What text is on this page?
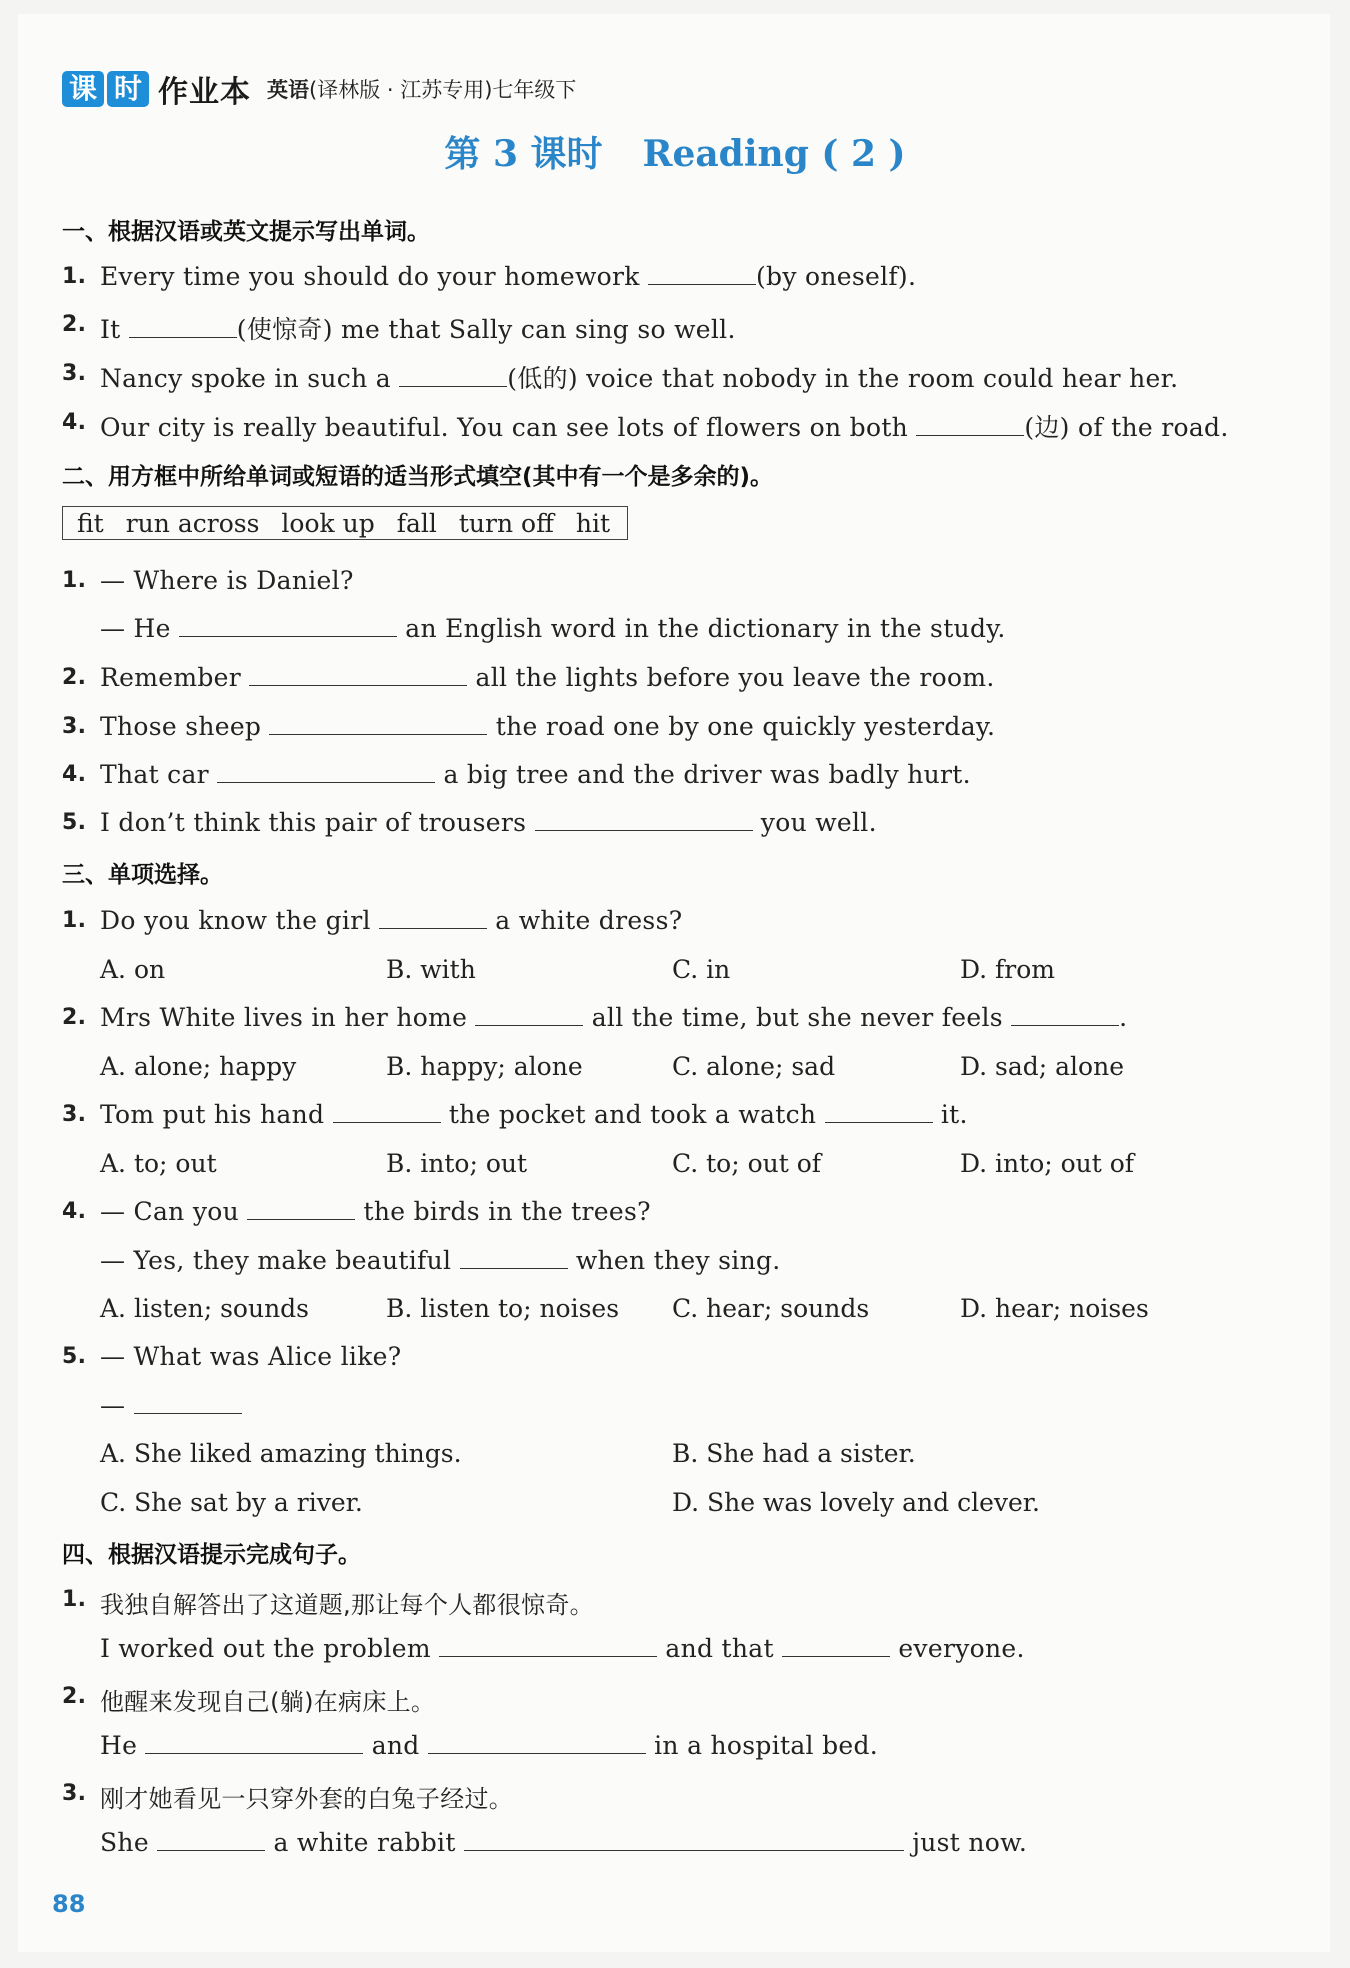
课 时 作业本 英语(译林版 · 江苏专用)七年级下
第 3 课时 Reading ( 2 )
一、根据汉语或英文提示写出单词。
1. Every time you should do your homework	(by oneself).
2. It	(使惊奇) me that Sally can sing so well.
3. Nancy spoke in such a	(低的) voice that nobody in the room could hear her.
4. Our city is really beautiful. You can see lots of flowers on both	(边) of the road.
二、用方框中所给单词或短语的适当形式填空(其中有一个是多余的)。
fit run across look up fall turn off hit
1. — Where is Daniel?
— He	an English word in the dictionary in the study.
2. Remember	all the lights before you leave the room.
3. Those sheep	the road one by one quickly yesterday.
4. That car	a big tree and the driver was badly hurt.
5. I don’t think this pair of trousers	you well.
三、单项选择。
1. Do you know the girl	a white dress?
A. on	B. with	C. in	D. from
2. Mrs White lives in her home	all the time, but she never feels	.
A. alone; happy	B. happy; alone	C. alone; sad	D. sad; alone
3. Tom put his hand	the pocket and took a watch	it.
A. to; out	B. into; out	C. to; out of	D. into; out of
4. — Can you	the birds in the trees?
— Yes, they make beautiful	when they sing.
A. listen; sounds	B. listen to; noises C. hear; sounds	D. hear; noises
5. — What was Alice like?
—
A. She liked amazing things.	B. She had a sister.
C. She sat by a river.	D. She was lovely and clever.
四、根据汉语提示完成句子。
1. 我独自解答出了这道题,那让每个人都很惊奇。
I worked out the problem	and that	everyone.
2. 他醒来发现自己(躺)在病床上。
He	and	in a hospital bed.
3. 刚才她看见一只穿外套的白兔子经过。
She	a white rabbit	just now.
88
